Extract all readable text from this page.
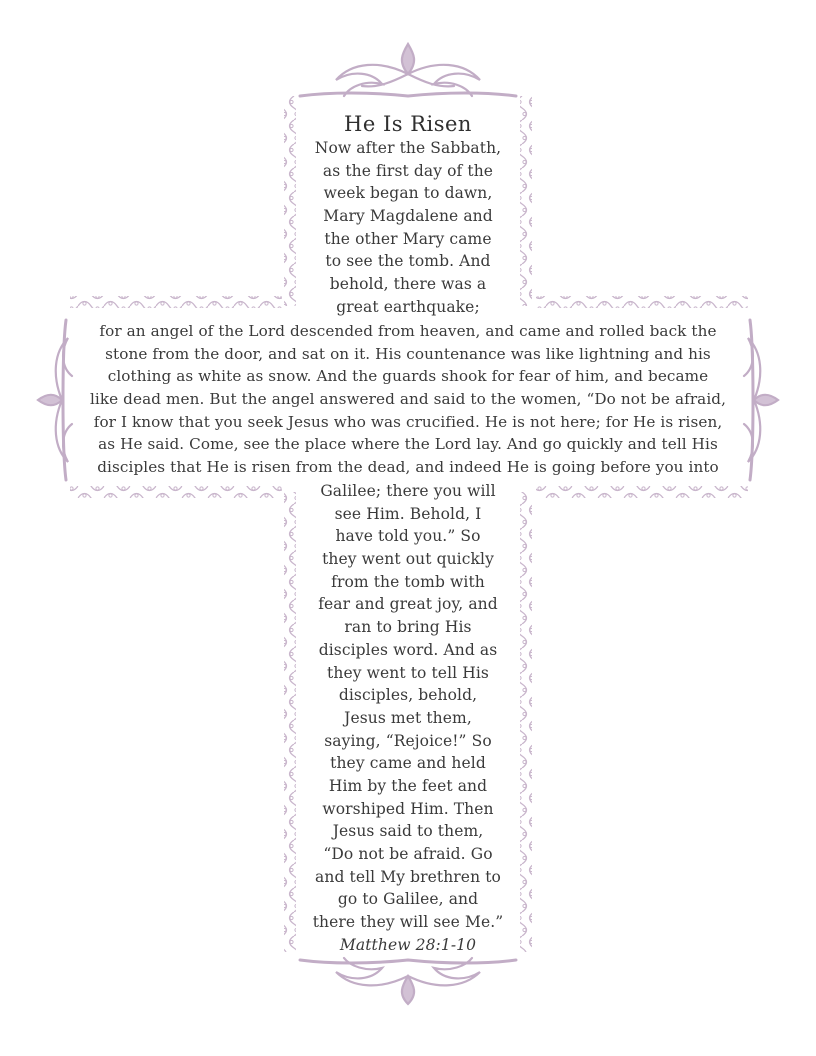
He Is Risen
Now after the Sabbath,
as the first day of the
week began to dawn,
Mary Magdalene and
the other Mary came
to see the tomb. And
behold, there was a
great earthquake;
for an angel of the Lord descended from heaven, and came and rolled back the
stone from the door, and sat on it. His countenance was like lightning and his
clothing as white as snow. And the guards shook for fear of him, and became
like dead men. But the angel answered and said to the women, “Do not be afraid,
for I know that you seek Jesus who was crucified. He is not here; for He is risen,
as He said. Come, see the place where the Lord lay. And go quickly and tell His
disciples that He is risen from the dead, and indeed He is going before you into
Galilee; there you will
see Him. Behold, I
have told you.” So
they went out quickly
from the tomb with
fear and great joy, and
ran to bring His
disciples word. And as
they went to tell His
disciples, behold,
Jesus met them,
saying, “Rejoice!” So
they came and held
Him by the feet and
worshiped Him. Then
Jesus said to them,
“Do not be afraid. Go
and tell My brethren to
go to Galilee, and
there they will see Me.”
Matthew 28:1-10
